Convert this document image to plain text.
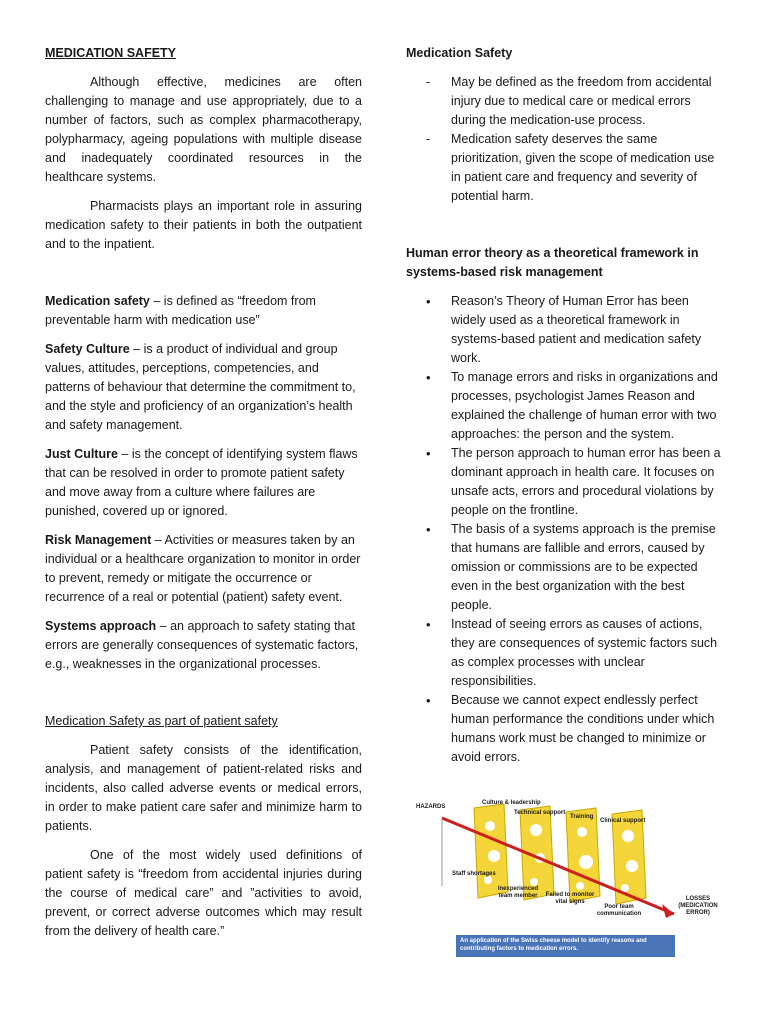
MEDICATION SAFETY

Although effective, medicines are often challenging to manage and use appropriately, due to a number of factors, such as complex pharmacotherapy, polypharmacy, ageing populations with multiple disease and inadequately coordinated resources in the healthcare systems.

Pharmacists plays an important role in assuring medication safety to their patients in both the outpatient and to the inpatient.

Medication safety – is defined as “freedom from preventable harm with medication use”

Safety Culture – is a product of individual and group values, attitudes, perceptions, competencies, and patterns of behaviour that determine the commitment to, and the style and proficiency of an organization’s health and safety management.

Just Culture – is the concept of identifying system flaws that can be resolved in order to promote patient safety and move away from a culture where failures are punished, covered up or ignored.

Risk Management – Activities or measures taken by an individual or a healthcare organization to monitor in order to prevent, remedy or mitigate the occurrence or recurrence of a real or potential (patient) safety event.

Systems approach – an approach to safety stating that errors are generally consequences of systematic factors, e.g., weaknesses in the organizational processes.

Medication Safety as part of patient safety

Patient safety consists of the identification, analysis, and management of patient-related risks and incidents, also called adverse events or medical errors, in order to make patient care safer and minimize harm to patients.

One of the most widely used definitions of patient safety is “freedom from accidental injuries during the course of medical care” and ”activities to avoid, prevent, or correct adverse outcomes which may result from the delivery of health care.”

Medication Safety

- May be defined as the freedom from accidental injury due to medical care or medical errors during the medication-use process.
- Medication safety deserves the same prioritization, given the scope of medication use in patient care and frequency and severity of potential harm.

Human error theory as a theoretical framework in systems-based risk management

• Reason’s Theory of Human Error has been widely used as a theoretical framework in systems-based patient and medication safety work.
• To manage errors and risks in organizations and processes, psychologist James Reason and explained the challenge of human error with two approaches: the person and the system.
• The person approach to human error has been a dominant approach in health care. It focuses on unsafe acts, errors and procedural violations by people on the frontline.
• The basis of a systems approach is the premise that humans are fallible and errors, caused by omission or commissions are to be expected even in the best organization with the best people.
• Instead of seeing errors as causes of actions, they are consequences of systemic factors such as complex processes with unclear responsibilities.
• Because we cannot expect endlessly perfect human performance the conditions under which humans work must be changed to minimize or avoid errors.
HAZARDS
Culture & leadership
Technical support
Training
Clinical support
Staff shortages
Inexperienced team member	Failed to monitor vital signs
Poor team communication
LOSSES (MEDICATION ERROR)
An application of the Swiss cheese model to identify reasons and contributing factors to medication errors.
